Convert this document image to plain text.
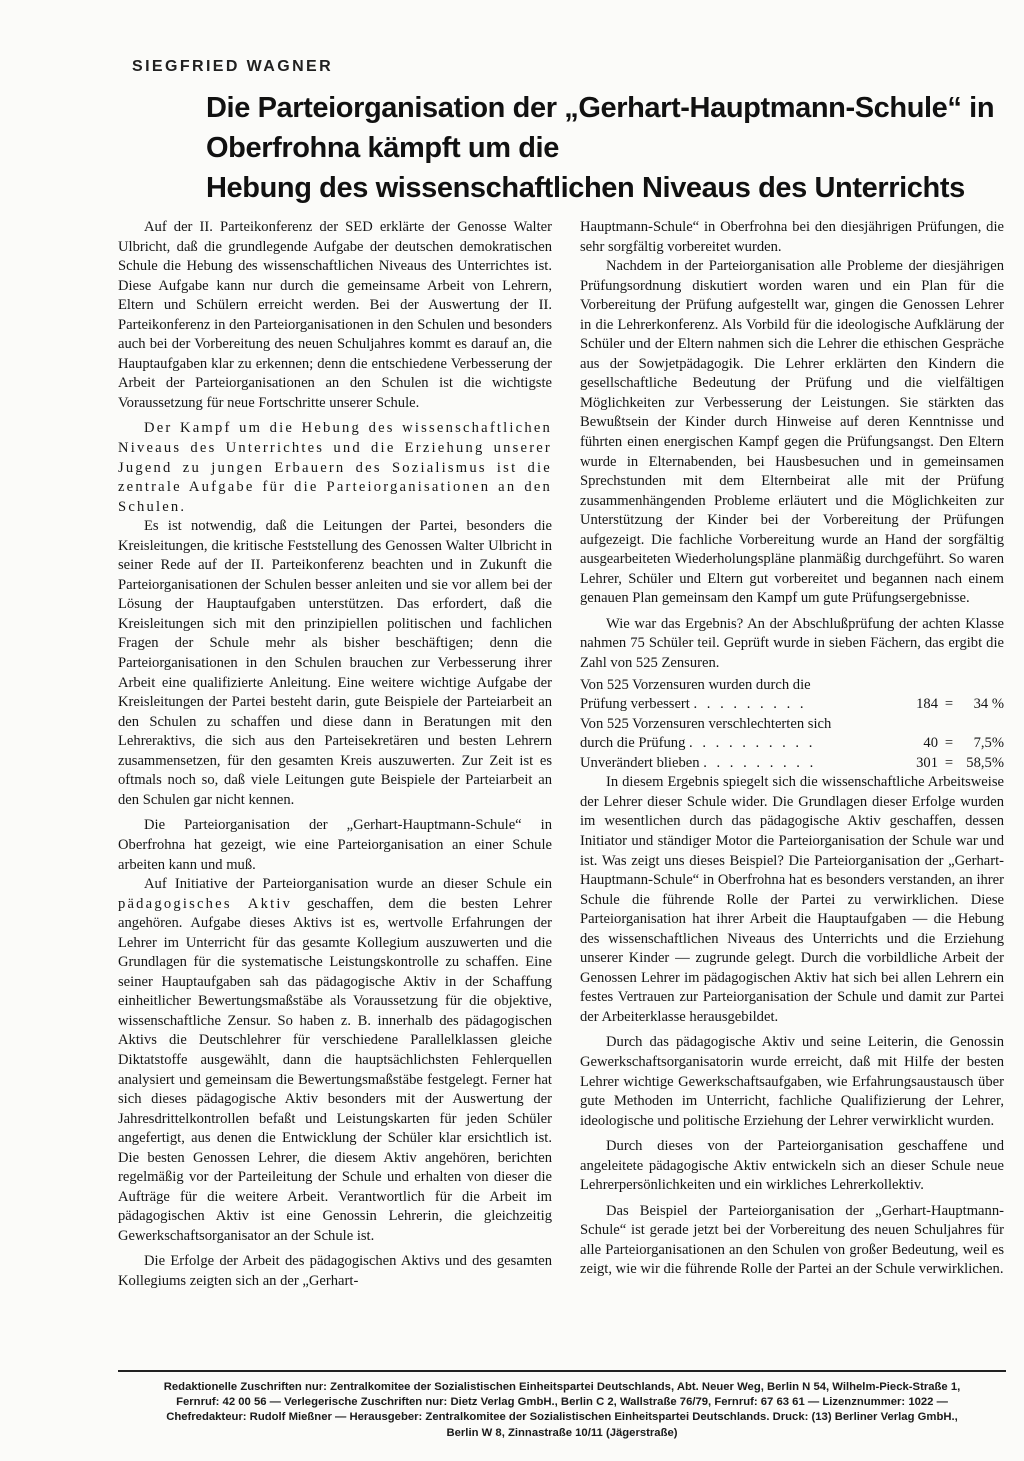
SIEGFRIED WAGNER
Die Parteiorganisation der „Gerhart-Hauptmann-Schule“ in
Oberfrohna kämpft um die
Hebung des wissenschaftlichen Niveaus des Unterrichts

Auf der II. Parteikonferenz der SED erklärte der Genosse Walter Ulbricht, daß die grundlegende Aufgabe der deutschen demokratischen Schule die Hebung des wissenschaftlichen Niveaus des Unterrichtes ist. Diese Aufgabe kann nur durch die gemeinsame Arbeit von Lehrern, Eltern und Schülern erreicht werden. Bei der Auswertung der II. Parteikonferenz in den Parteiorganisationen in den Schulen und besonders auch bei der Vorbereitung des neuen Schuljahres kommt es darauf an, die Hauptaufgaben klar zu erkennen; denn die entschiedene Verbesserung der Arbeit der Parteiorganisationen an den Schulen ist die wichtigste Voraussetzung für neue Fortschritte unserer Schule.

Der Kampf um die Hebung des wissenschaftlichen Niveaus des Unterrichtes und die Erziehung unserer Jugend zu jungen Erbauern des Sozialismus ist die zentrale Aufgabe für die Parteiorganisationen an den Schulen.

Es ist notwendig, daß die Leitungen der Partei, besonders die Kreisleitungen, die kritische Feststellung des Genossen Walter Ulbricht in seiner Rede auf der II. Parteikonferenz beachten und in Zukunft die Parteiorganisationen der Schulen besser anleiten und sie vor allem bei der Lösung der Hauptaufgaben unterstützen. Das erfordert, daß die Kreisleitungen sich mit den prinzipiellen politischen und fachlichen Fragen der Schule mehr als bisher beschäftigen; denn die Parteiorganisationen in den Schulen brauchen zur Verbesserung ihrer Arbeit eine qualifizierte Anleitung. Eine weitere wichtige Aufgabe der Kreisleitungen der Partei besteht darin, gute Beispiele der Parteiarbeit an den Schulen zu schaffen und diese dann in Beratungen mit den Lehreraktivs, die sich aus den Parteisekretären und besten Lehrern zusammensetzen, für den gesamten Kreis auszuwerten. Zur Zeit ist es oftmals noch so, daß viele Leitungen gute Beispiele der Parteiarbeit an den Schulen gar nicht kennen.

Die Parteiorganisation der „Gerhart-Hauptmann-Schule“ in Oberfrohna hat gezeigt, wie eine Parteiorganisation an einer Schule arbeiten kann und muß.

Auf Initiative der Parteiorganisation wurde an dieser Schule ein pädagogisches Aktiv geschaffen, dem die besten Lehrer angehören. Aufgabe dieses Aktivs ist es, wertvolle Erfahrungen der Lehrer im Unterricht für das gesamte Kollegium auszuwerten und die Grundlagen für die systematische Leistungskontrolle zu schaffen. Eine seiner Hauptaufgaben sah das pädagogische Aktiv in der Schaffung einheitlicher Bewertungsmaßstäbe als Voraussetzung für die objektive, wissenschaftliche Zensur. So haben z. B. innerhalb des pädagogischen Aktivs die Deutschlehrer für verschiedene Parallelklassen gleiche Diktatstoffe ausgewählt, dann die hauptsächlichsten Fehlerquellen analysiert und gemeinsam die Bewertungsmaßstäbe festgelegt. Ferner hat sich dieses pädagogische Aktiv besonders mit der Auswertung der Jahresdrittelkontrollen befaßt und Leistungskarten für jeden Schüler angefertigt, aus denen die Entwicklung der Schüler klar ersichtlich ist. Die besten Genossen Lehrer, die diesem Aktiv angehören, berichten regelmäßig vor der Parteileitung der Schule und erhalten von dieser die Aufträge für die weitere Arbeit. Verantwortlich für die Arbeit im pädagogischen Aktiv ist eine Genossin Lehrerin, die gleichzeitig Gewerkschaftsorganisator an der Schule ist.

Die Erfolge der Arbeit des pädagogischen Aktivs und des gesamten Kollegiums zeigten sich an der „Gerhart-

Hauptmann-Schule“ in Oberfrohna bei den diesjährigen Prüfungen, die sehr sorgfältig vorbereitet wurden.

Nachdem in der Parteiorganisation alle Probleme der diesjährigen Prüfungsordnung diskutiert worden waren und ein Plan für die Vorbereitung der Prüfung aufgestellt war, gingen die Genossen Lehrer in die Lehrerkonferenz. Als Vorbild für die ideologische Aufklärung der Schüler und der Eltern nahmen sich die Lehrer die ethischen Gespräche aus der Sowjetpädagogik. Die Lehrer erklärten den Kindern die gesellschaftliche Bedeutung der Prüfung und die vielfältigen Möglichkeiten zur Verbesserung der Leistungen. Sie stärkten das Bewußtsein der Kinder durch Hinweise auf deren Kenntnisse und führten einen energischen Kampf gegen die Prüfungsangst. Den Eltern wurde in Elternabenden, bei Hausbesuchen und in gemeinsamen Sprechstunden mit dem Elternbeirat alle mit der Prüfung zusammenhängenden Probleme erläutert und die Möglichkeiten zur Unterstützung der Kinder bei der Vorbereitung der Prüfungen aufgezeigt. Die fachliche Vorbereitung wurde an Hand der sorgfältig ausgearbeiteten Wiederholungspläne planmäßig durchgeführt. So waren Lehrer, Schüler und Eltern gut vorbereitet und begannen nach einem genauen Plan gemeinsam den Kampf um gute Prüfungsergebnisse.

Wie war das Ergebnis? An der Abschlußprüfung der achten Klasse nahmen 75 Schüler teil. Geprüft wurde in sieben Fächern, das ergibt die Zahl von 525 Zensuren.

Von 525 Vorzensuren wurden durch die
Prüfung verbessert . . . . . . . . .	184 =	34 %
Von 525 Vorzensuren verschlechterten sich
durch die Prüfung . . . . . . . . . .	40 =	7,5%
Unverändert blieben . . . . . . . . .	301 = 58,5%

In diesem Ergebnis spiegelt sich die wissenschaftliche Arbeitsweise der Lehrer dieser Schule wider. Die Grundlagen dieser Erfolge wurden im wesentlichen durch das pädagogische Aktiv geschaffen, dessen Initiator und ständiger Motor die Parteiorganisation der Schule war und ist. Was zeigt uns dieses Beispiel? Die Parteiorganisation der „Gerhart-Hauptmann-Schule“ in Oberfrohna hat es besonders verstanden, an ihrer Schule die führende Rolle der Partei zu verwirklichen. Diese Parteiorganisation hat ihrer Arbeit die Hauptaufgaben — die Hebung des wissenschaftlichen Niveaus des Unterrichts und die Erziehung unserer Kinder — zugrunde gelegt. Durch die vorbildliche Arbeit der Genossen Lehrer im pädagogischen Aktiv hat sich bei allen Lehrern ein festes Vertrauen zur Parteiorganisation der Schule und damit zur Partei der Arbeiterklasse herausgebildet.

Durch das pädagogische Aktiv und seine Leiterin, die Genossin Gewerkschaftsorganisatorin wurde erreicht, daß mit Hilfe der besten Lehrer wichtige Gewerkschaftsaufgaben, wie Erfahrungsaustausch über gute Methoden im Unterricht, fachliche Qualifizierung der Lehrer, ideologische und politische Erziehung der Lehrer verwirklicht wurden.

Durch dieses von der Parteiorganisation geschaffene und angeleitete pädagogische Aktiv entwickeln sich an dieser Schule neue Lehrerpersönlichkeiten und ein wirkliches Lehrerkollektiv.

Das Beispiel der Parteiorganisation der „Gerhart-Hauptmann-Schule“ ist gerade jetzt bei der Vorbereitung des neuen Schuljahres für alle Parteiorganisationen an den Schulen von großer Bedeutung, weil es zeigt, wie wir die führende Rolle der Partei an der Schule verwirklichen.

Redaktionelle Zuschriften nur: Zentralkomitee der Sozialistischen Einheitspartei Deutschlands, Abt. Neuer Weg, Berlin N 54, Wilhelm-Pieck-Straße 1,
Fernruf: 42 00 56 — Verlegerische Zuschriften nur: Dietz Verlag GmbH., Berlin C 2, Wallstraße 76/79, Fernruf: 67 63 61 — Lizenznummer: 1022 —
Chefredakteur: Rudolf Mießner — Herausgeber: Zentralkomitee der Sozialistischen Einheitspartei Deutschlands. Druck: (13) Berliner Verlag GmbH.,
Berlin W 8, Zinnastraße 10/11 (Jägerstraße)
